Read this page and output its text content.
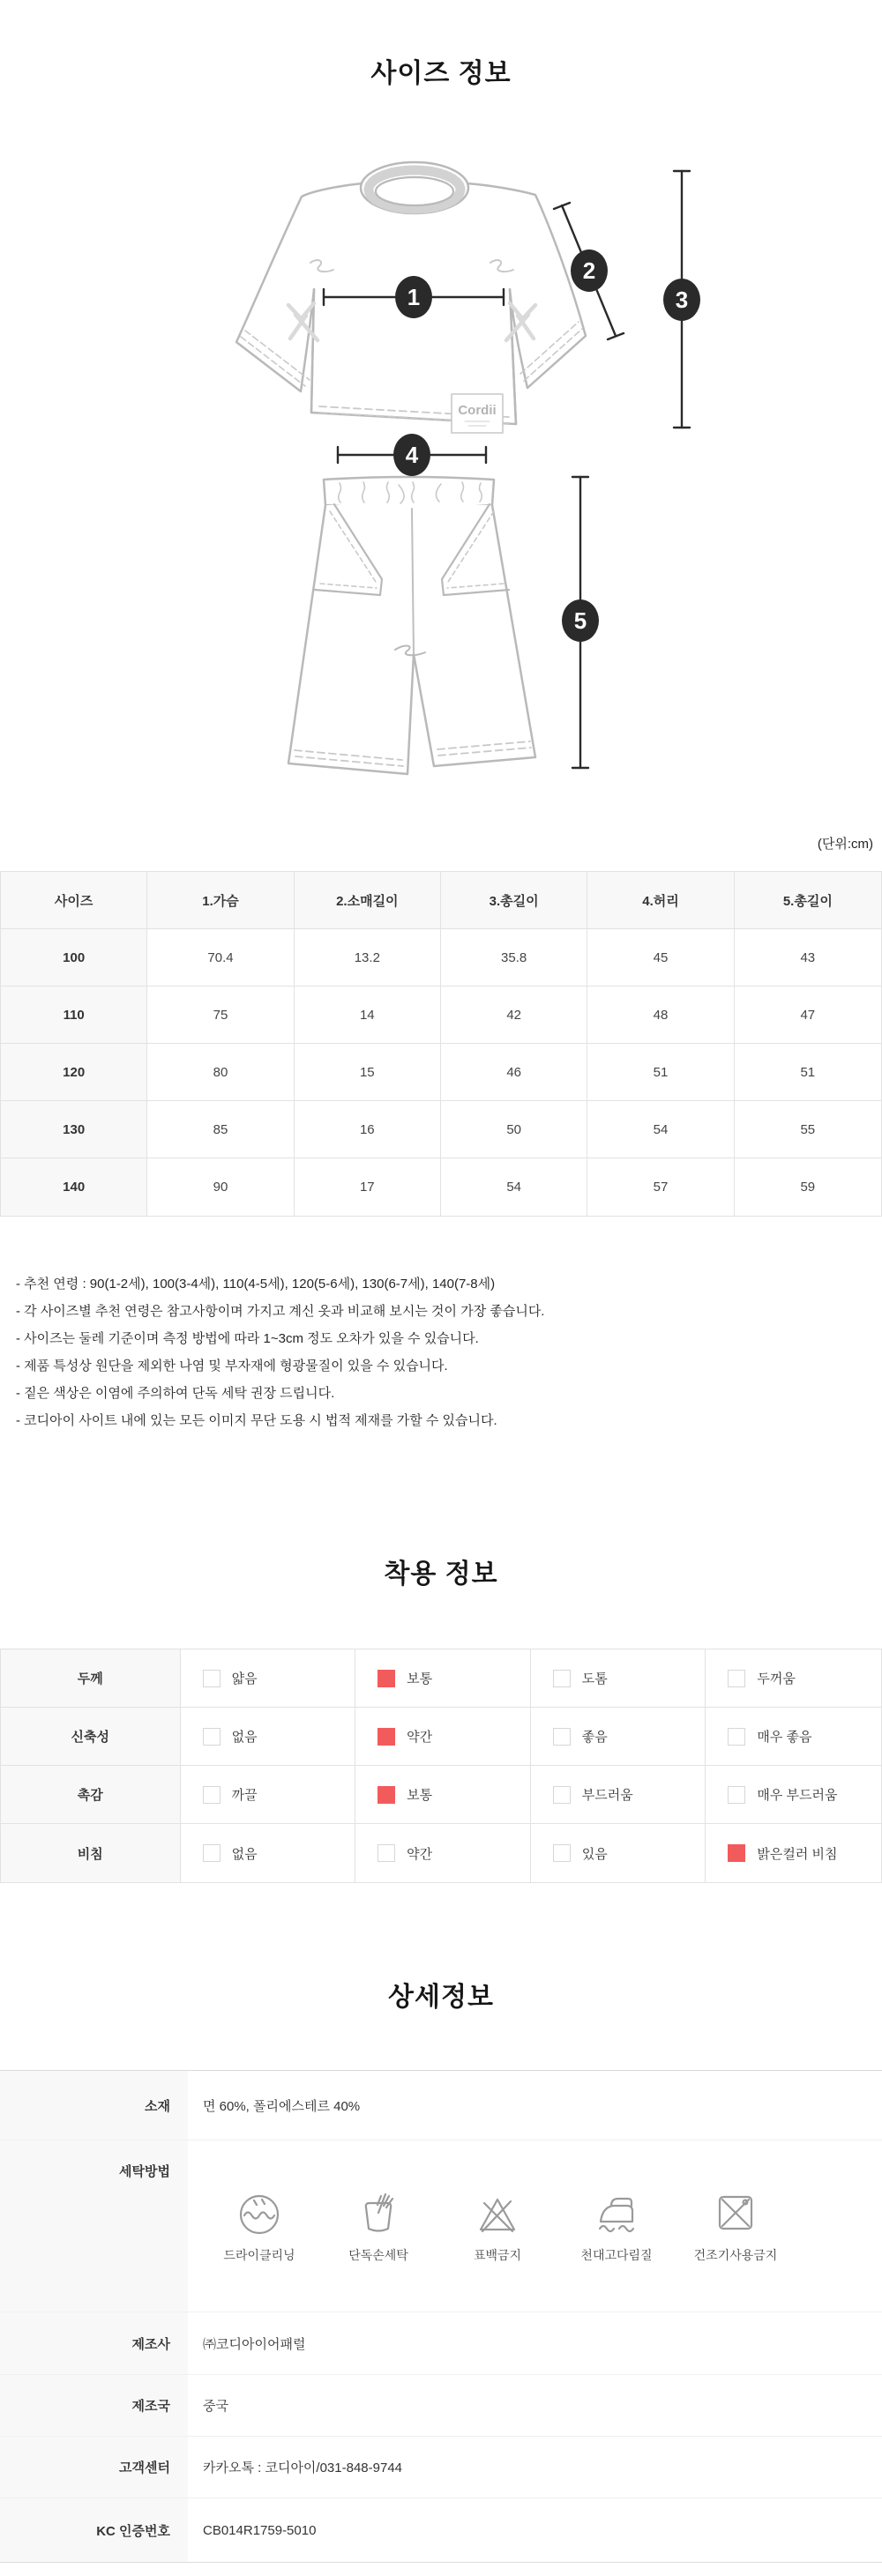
사이즈 정보
Cordii
1
2
3
4
5
(단위:cm)
사이즈	1.가슴	2.소매길이	3.총길이	4.허리	5.총길이
100	70.4	13.2	35.8	45	43
110	75	14	42	48	47
120	80	15	46	51	51
130	85	16	50	54	55
140	90	17	54	57	59
- 추천 연령 : 90(1-2세), 100(3-4세), 110(4-5세), 120(5-6세), 130(6-7세), 140(7-8세)
- 각 사이즈별 추천 연령은 참고사항이며 가지고 계신 옷과 비교해 보시는 것이 가장 좋습니다.
- 사이즈는 둘레 기준이며 측정 방법에 따라 1~3cm 정도 오차가 있을 수 있습니다.
- 제품 특성상 원단을 제외한 나염 및 부자재에 형광물질이 있을 수 있습니다.
- 짙은 색상은 이염에 주의하여 단독 세탁 권장 드립니다.
- 코디아이 사이트 내에 있는 모든 이미지 무단 도용 시 법적 제재를 가할 수 있습니다.
착용 정보
두께	얇음	보통	도톰	두꺼움
신축성	없음	약간	좋음	매우 좋음
촉감	까끌	보통	부드러움	매우 부드러움
비침	없음	약간	있음	밝은컬러 비침
상세정보
소재	면 60%, 폴리에스테르 40%
세탁방법
드라이클리닝	단독손세탁	표백금지	천대고다림질	건조기사용금지
제조사	㈜코디아이어패럴
제조국	중국
고객센터	카카오톡 : 코디아이/031-848-9744
KC 인증번호	CB014R1759-5010
